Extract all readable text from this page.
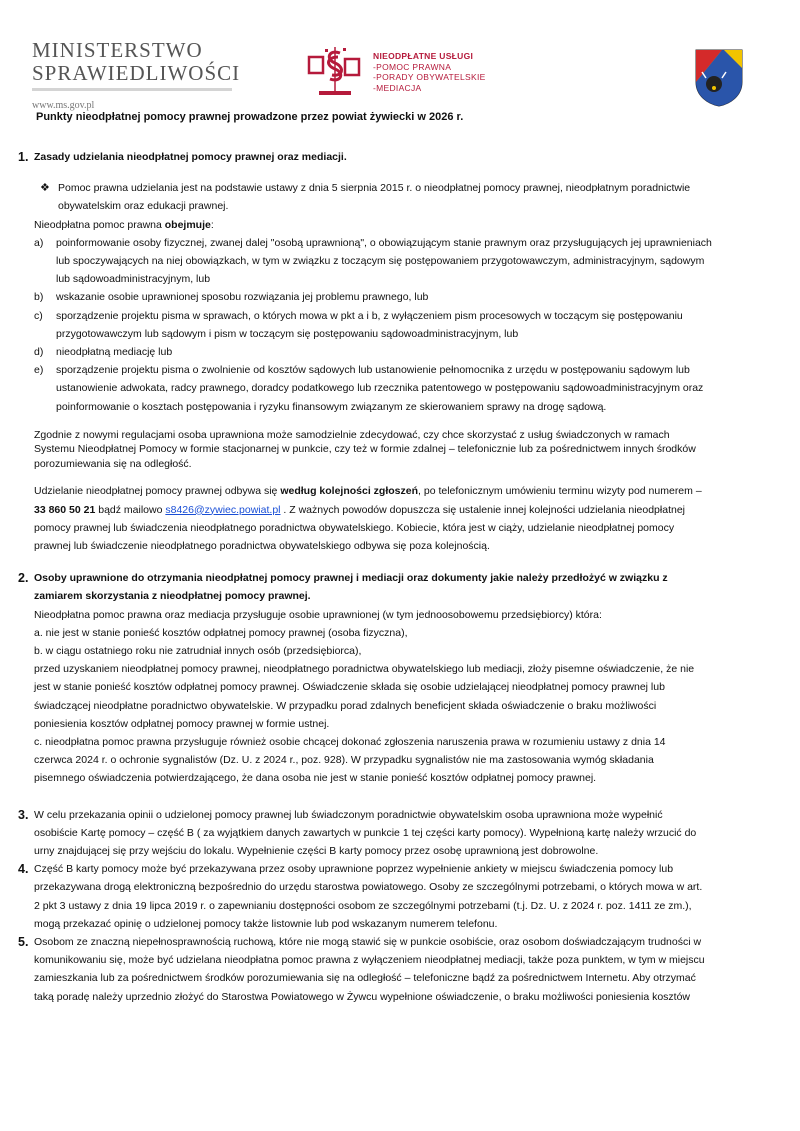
MINISTERSTWO
SPRAWIEDLIWOŚCI
www.ms.gov.pl
NIEODPŁATNE USŁUGI
-POMOC PRAWNA
-PORADY OBYWATELSKIE
-MEDIACJA
Punkty nieodpłatnej pomocy prawnej prowadzone przez powiat żywiecki w 2026 r.
1. Zasady udzielania nieodpłatnej pomocy prawnej oraz mediacji.
❖ Pomoc prawna udzielania jest na podstawie ustawy z dnia 5 sierpnia 2015 r. o nieodpłatnej pomocy prawnej, nieodpłatnym poradnictwie
obywatelskim oraz edukacji prawnej.
Nieodpłatna pomoc prawna obejmuje:
a)	poinformowanie osoby fizycznej, zwanej dalej "osobą uprawnioną", o obowiązującym stanie prawnym oraz przysługujących jej uprawnieniach
lub spoczywających na niej obowiązkach, w tym w związku z toczącym się postępowaniem przygotowawczym, administracyjnym, sądowym
lub sądowoadministracyjnym, lub
b)	wskazanie osobie uprawnionej sposobu rozwiązania jej problemu prawnego, lub
c)	sporządzenie projektu pisma w sprawach, o których mowa w pkt a i b, z wyłączeniem pism procesowych w toczącym się postępowaniu
przygotowawczym lub sądowym i pism w toczącym się postępowaniu sądowoadministracyjnym, lub
d)	nieodpłatną mediację lub
e)	sporządzenie projektu pisma o zwolnienie od kosztów sądowych lub ustanowienie pełnomocnika z urzędu w postępowaniu sądowym lub
ustanowienie adwokata, radcy prawnego, doradcy podatkowego lub rzecznika patentowego w postępowaniu sądowoadministracyjnym oraz
poinformowanie o kosztach postępowania i ryzyku finansowym związanym ze skierowaniem sprawy na drogę sądową.
Zgodnie z nowymi regulacjami osoba uprawniona może samodzielnie zdecydować, czy chce skorzystać z usług świadczonych w ramach
Systemu Nieodpłatnej Pomocy w formie stacjonarnej w punkcie, czy też w formie zdalnej – telefonicznie lub za pośrednictwem innych środków
porozumiewania się na odległość.
Udzielanie nieodpłatnej pomocy prawnej odbywa się według kolejności zgłoszeń, po telefonicznym umówieniu terminu wizyty pod numerem –
33 860 50 21 bądź mailowo s8426@zywiec.powiat.pl . Z ważnych powodów dopuszcza się ustalenie innej kolejności udzielania nieodpłatnej
pomocy prawnej lub świadczenia nieodpłatnego poradnictwa obywatelskiego. Kobiecie, która jest w ciąży, udzielanie nieodpłatnej pomocy
prawnej lub świadczenie nieodpłatnego poradnictwa obywatelskiego odbywa się poza kolejnością.
2. Osoby uprawnione do otrzymania nieodpłatnej pomocy prawnej i mediacji oraz dokumenty jakie należy przedłożyć w związku z
zamiarem skorzystania z nieodpłatnej pomocy prawnej.
Nieodpłatna pomoc prawna oraz mediacja przysługuje osobie uprawnionej (w tym jednoosobowemu przedsiębiorcy) która:
a. nie jest w stanie ponieść kosztów odpłatnej pomocy prawnej (osoba fizyczna),
b. w ciągu ostatniego roku nie zatrudniał innych osób (przedsiębiorca),
przed uzyskaniem nieodpłatnej pomocy prawnej, nieodpłatnego poradnictwa obywatelskiego lub mediacji, złoży pisemne oświadczenie, że nie
jest w stanie ponieść kosztów odpłatnej pomocy prawnej. Oświadczenie składa się osobie udzielającej nieodpłatnej pomocy prawnej lub
świadczącej nieodpłatne poradnictwo obywatelskie. W przypadku porad zdalnych beneficjent składa oświadczenie o braku możliwości
poniesienia kosztów odpłatnej pomocy prawnej w formie ustnej.
c. nieodpłatna pomoc prawna przysługuje również osobie chcącej dokonać zgłoszenia naruszenia prawa w rozumieniu ustawy z dnia 14
czerwca 2024 r. o ochronie sygnalistów (Dz. U. z 2024 r., poz. 928). W przypadku sygnalistów nie ma zastosowania wymóg składania
pisemnego oświadczenia potwierdzającego, że dana osoba nie jest w stanie ponieść kosztów odpłatnej pomocy prawnej.
3. W celu przekazania opinii o udzielonej pomocy prawnej lub świadczonym poradnictwie obywatelskim osoba uprawniona może wypełnić
osobiście Kartę pomocy – część B ( za wyjątkiem danych zawartych w punkcie 1 tej części karty pomocy). Wypełnioną kartę należy wrzucić do
urny znajdującej się przy wejściu do lokalu. Wypełnienie części B karty pomocy przez osobę uprawnioną jest dobrowolne.
4. Część B karty pomocy może być przekazywana przez osoby uprawnione poprzez wypełnienie ankiety w miejscu świadczenia pomocy lub
przekazywana drogą elektroniczną bezpośrednio do urzędu starostwa powiatowego. Osoby ze szczególnymi potrzebami, o których mowa w art.
2 pkt 3 ustawy z dnia 19 lipca 2019 r. o zapewnianiu dostępności osobom ze szczególnymi potrzebami (t.j. Dz. U. z 2024 r. poz. 1411 ze zm.),
mogą przekazać opinię o udzielonej pomocy także listownie lub pod wskazanym numerem telefonu.
5. Osobom ze znaczną niepełnosprawnością ruchową, które nie mogą stawić się w punkcie osobiście, oraz osobom doświadczającym trudności w
komunikowaniu się, może być udzielana nieodpłatna pomoc prawna z wyłączeniem nieodpłatnej mediacji, także poza punktem, w tym w miejscu
zamieszkania lub za pośrednictwem środków porozumiewania się na odległość – telefoniczne bądź za pośrednictwem Internetu. Aby otrzymać
taką poradę należy uprzednio złożyć do Starostwa Powiatowego w Żywcu wypełnione oświadczenie, o braku możliwości poniesienia kosztów
